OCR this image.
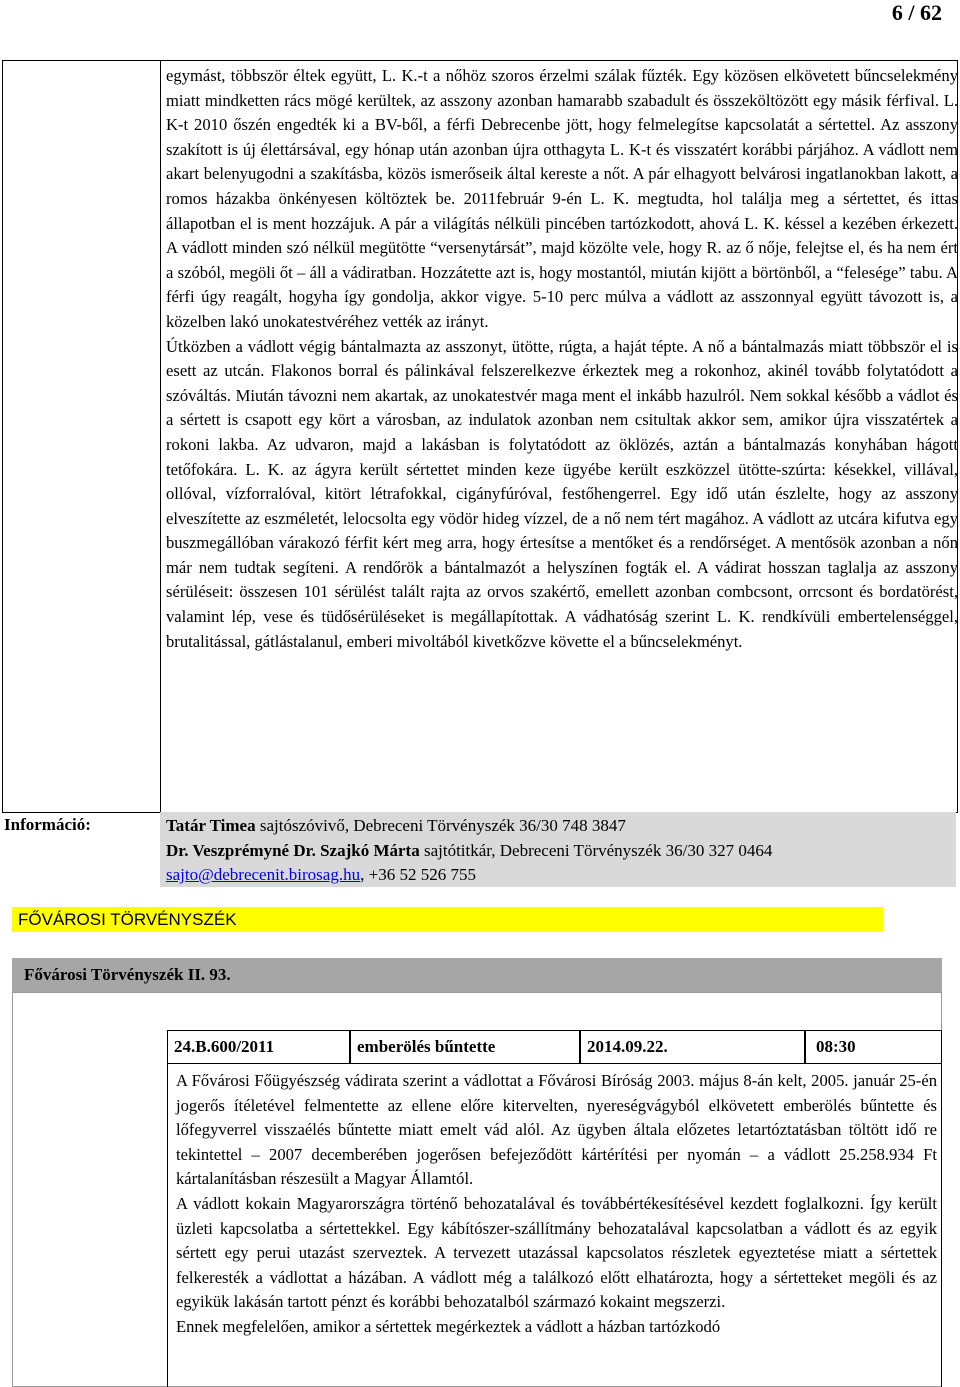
6 / 62

egymást, többször éltek együtt, L. K.-t a nőhöz szoros érzelmi szálak fűzték. Egy közösen elkövetett bűncselekmény miatt mindketten rács mögé kerültek, az asszony azonban hamarabb szabadult és összeköltözött egy másik férfival. L. K-t 2010 őszén engedték ki a BV-ből, a férfi Debrecenbe jött, hogy felmelegítse kapcsolatát a sértettel. Az asszony szakított is új élettársával, egy hónap után azonban újra otthagyta L. K-t és visszatért korábbi párjához. A vádlott nem akart belenyugodni a szakításba, közös ismerőseik által kereste a nőt. A pár elhagyott belvárosi ingatlanokban lakott, a romos házakba önkényesen költöztek be. 2011február 9-én L. K. megtudta, hol találja meg a sértettet, és ittas állapotban el is ment hozzájuk. A pár a világítás nélküli pincében tartózkodott, ahová L. K. késsel a kezében érkezett. A vádlott minden szó nélkül megütötte “versenytársát”, majd közölte vele, hogy R. az ő nője, felejtse el, és ha nem ért a szóból, megöli őt – áll a vádiratban. Hozzátette azt is, hogy mostantól, miután kijött a börtönből, a “felesége” tabu. A férfi úgy reagált, hogyha így gondolja, akkor vigye. 5-10 perc múlva a vádlott az asszonnyal együtt távozott is, a közelben lakó unokatestvéréhez vették az irányt.

Útközben a vádlott végig bántalmazta az asszonyt, ütötte, rúgta, a haját tépte. A nő a bántalmazás miatt többször el is esett az utcán. Flakonos borral és pálinkával felszerelkezve érkeztek meg a rokonhoz, akinél tovább folytatódott a szóváltás. Miután távozni nem akartak, az unokatestvér maga ment el inkább hazulról. Nem sokkal később a vádlot és a sértett is csapott egy kört a városban, az indulatok azonban nem csitultak akkor sem, amikor újra visszatértek a rokoni lakba. Az udvaron, majd a lakásban is folytatódott az öklözés, aztán a bántalmazás konyhában hágott tetőfokára. L. K. az ágyra került sértettet minden keze ügyébe került eszközzel ütötte-szúrta: késekkel, villával, ollóval, vízforralóval, kitört létrafokkal, cigányfúróval, festőhengerrel. Egy idő után észlelte, hogy az asszony elveszítette az eszméletét, lelocsolta egy vödör hideg vízzel, de a nő nem tért magához. A vádlott az utcára kifutva egy buszmegállóban várakozó férfit kért meg arra, hogy értesítse a mentőket és a rendőrséget. A mentősök azonban a nőn már nem tudtak segíteni. A rendőrök a bántalmazót a helyszínen fogták el. A vádirat hosszan taglalja az asszony sérüléseit: összesen 101 sérülést talált rajta az orvos szakértő, emellett azonban combcsont, orrcsont és bordatörést, valamint lép, vese és tüdősérüléseket is megállapítottak. A vádhatóság szerint L. K. rendkívüli embertelenséggel, brutalitással, gátlástalanul, emberi mivoltából kivetkőzve követte el a bűncselekményt.

Információ:	Tatár Timea sajtószóvivő, Debreceni Törvényszék 36/30 748 3847
Dr. Veszprémyné Dr. Szajkó Márta sajtótitkár, Debreceni Törvényszék 36/30 327 0464
sajto@debrecenit.birosag.hu, +36 52 526 755
FŐVÁROSI TÖRVÉNYSZÉK
Fővárosi Törvényszék II. 93.
24.B.600/2011	emberölés bűntette	2014.09.22.	08:30

A Fővárosi Főügyészség vádirata szerint a vádlottat a Fővárosi Bíróság 2003. május 8-án kelt, 2005. január 25-én jogerős ítéletével felmentette az ellene előre kitervelten, nyereségvágyból elkövetett emberölés bűntette és lőfegyverrel visszaélés bűntette miatt emelt vád alól. Az ügyben általa előzetes letartóztatásban töltött idő re tekintettel – 2007 decemberében jogerősen befejeződött kártérítési per nyomán – a vádlott 25.258.934 Ft kártalanításban részesült a Magyar Államtól.

A vádlott kokain Magyarországra történő behozatalával és továbbértékesítésével kezdett foglalkozni. Így került üzleti kapcsolatba a sértettekkel. Egy kábítószer-szállítmány behozatalával kapcsolatban a vádlott és az egyik sértett egy perui utazást szerveztek. A tervezett utazással kapcsolatos részletek egyeztetése miatt a sértettek felkeresték a vádlottat a házában. A vádlott még a találkozó előtt elhatározta, hogy a sértetteket megöli és az egyikük lakásán tartott pénzt és korábbi behozatalból származó kokaint megszerzi.

Ennek megfelelően, amikor a sértettek megérkeztek a vádlott a házban tartózkodó
